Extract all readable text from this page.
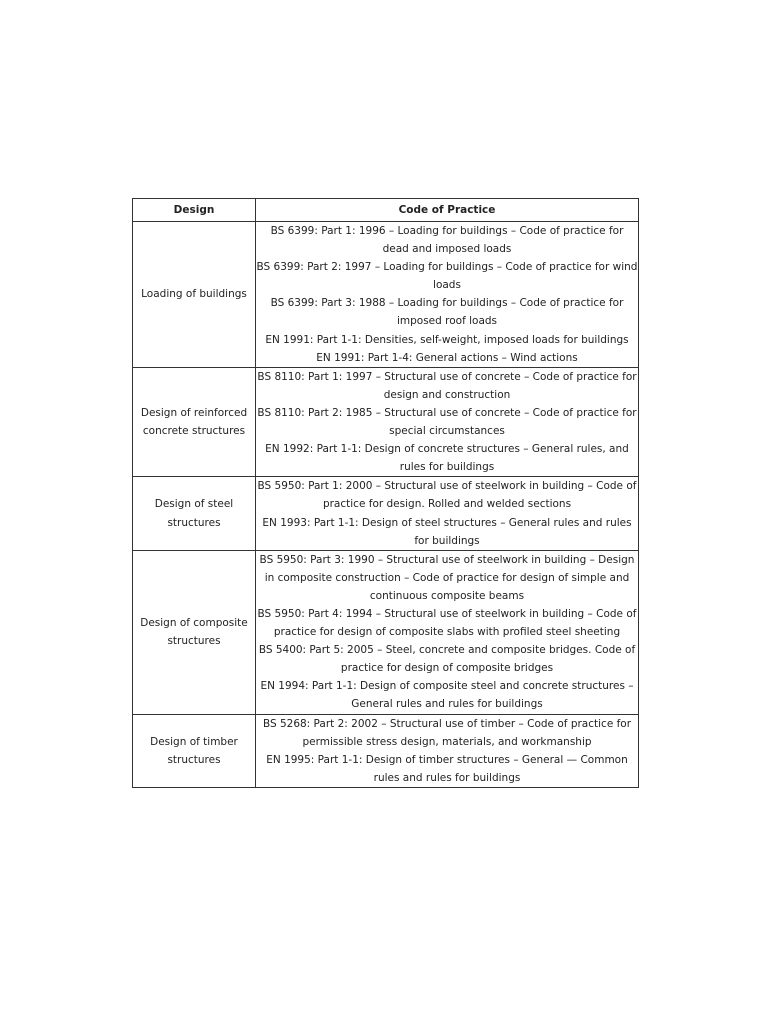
Design	Code of Practice
Loading of buildings	BS 6399: Part 1: 1996 – Loading for buildings – Code of practice for dead and imposed loads
BS 6399: Part 2: 1997 – Loading for buildings – Code of practice for wind loads
BS 6399: Part 3: 1988 – Loading for buildings – Code of practice for imposed roof loads
EN 1991: Part 1-1: Densities, self-weight, imposed loads for buildings
EN 1991: Part 1-4: General actions – Wind actions

Design of reinforced concrete structures	BS 8110: Part 1: 1997 – Structural use of concrete – Code of practice for design and construction
BS 8110: Part 2: 1985 – Structural use of concrete – Code of practice for special circumstances
EN 1992: Part 1-1: Design of concrete structures – General rules, and rules for buildings

Design of steel structures	BS 5950: Part 1: 2000 – Structural use of steelwork in building – Code of practice for design. Rolled and welded sections
EN 1993: Part 1-1: Design of steel structures – General rules and rules for buildings

Design of composite structures	BS 5950: Part 3: 1990 – Structural use of steelwork in building – Design in composite construction – Code of practice for design of simple and continuous composite beams
BS 5950: Part 4: 1994 – Structural use of steelwork in building – Code of practice for design of composite slabs with profiled steel sheeting
BS 5400: Part 5: 2005 – Steel, concrete and composite bridges. Code of practice for design of composite bridges
EN 1994: Part 1-1: Design of composite steel and concrete structures – General rules and rules for buildings

Design of timber structures	BS 5268: Part 2: 2002 – Structural use of timber – Code of practice for permissible stress design, materials, and workmanship
EN 1995: Part 1-1: Design of timber structures – General — Common rules and rules for buildings
